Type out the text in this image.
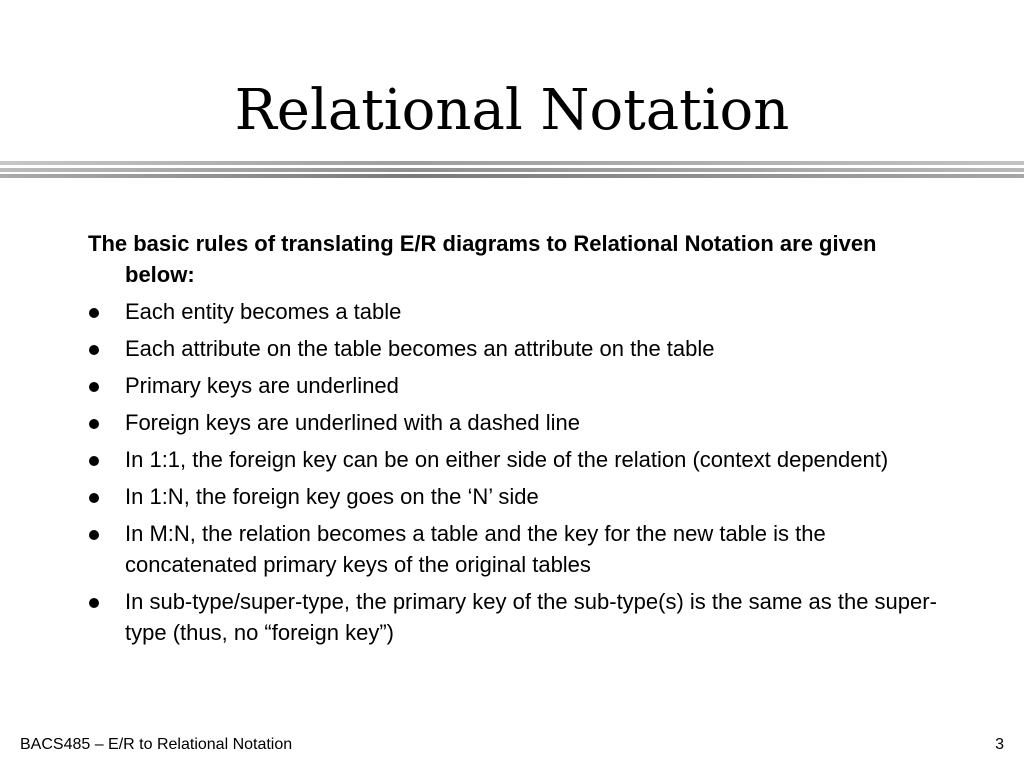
Relational Notation

The basic rules of translating E/R diagrams to Relational Notation are given below:

Each entity becomes a table
Each attribute on the table becomes an attribute on the table
Primary keys are underlined
Foreign keys are underlined with a dashed line
In 1:1, the foreign key can be on either side of the relation (context dependent)
In 1:N, the foreign key goes on the ‘N’ side
In M:N, the relation becomes a table and the key for the new table is the concatenated primary keys of the original tables
In sub-type/super-type, the primary key of the sub-type(s) is the same as the super-type (thus, no “foreign key”)
BACS485 – E/R to Relational Notation	3
